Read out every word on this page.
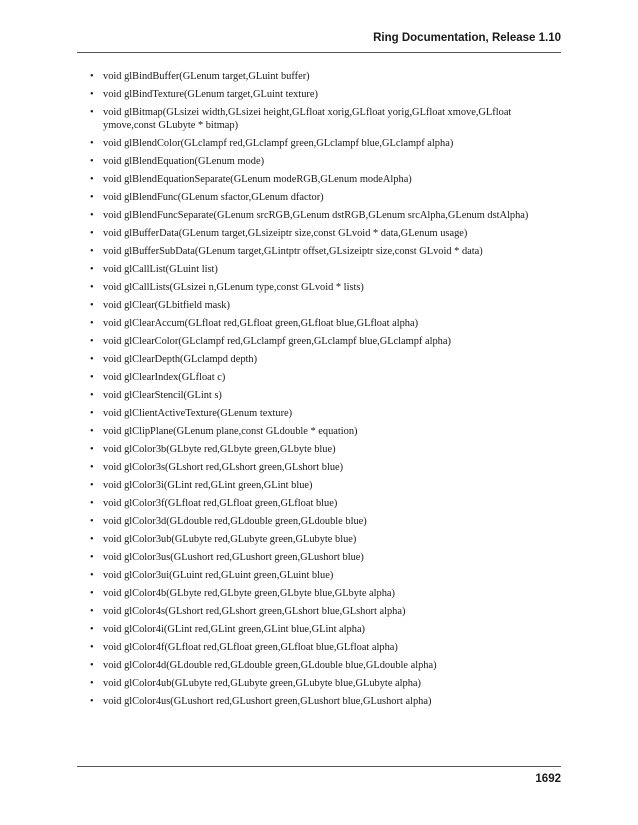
Ring Documentation, Release 1.10
• void glBindBuffer(GLenum target,GLuint buffer)
• void glBindTexture(GLenum target,GLuint texture)
• void glBitmap(GLsizei width,GLsizei height,GLfloat xorig,GLfloat yorig,GLfloat xmove,GLfloat ymove,const GLubyte * bitmap)
• void glBlendColor(GLclampf red,GLclampf green,GLclampf blue,GLclampf alpha)
• void glBlendEquation(GLenum mode)
• void glBlendEquationSeparate(GLenum modeRGB,GLenum modeAlpha)
• void glBlendFunc(GLenum sfactor,GLenum dfactor)
• void glBlendFuncSeparate(GLenum srcRGB,GLenum dstRGB,GLenum srcAlpha,GLenum dstAlpha)
• void glBufferData(GLenum target,GLsizeiptr size,const GLvoid * data,GLenum usage)
• void glBufferSubData(GLenum target,GLintptr offset,GLsizeiptr size,const GLvoid * data)
• void glCallList(GLuint list)
• void glCallLists(GLsizei n,GLenum type,const GLvoid * lists)
• void glClear(GLbitfield mask)
• void glClearAccum(GLfloat red,GLfloat green,GLfloat blue,GLfloat alpha)
• void glClearColor(GLclampf red,GLclampf green,GLclampf blue,GLclampf alpha)
• void glClearDepth(GLclampd depth)
• void glClearIndex(GLfloat c)
• void glClearStencil(GLint s)
• void glClientActiveTexture(GLenum texture)
• void glClipPlane(GLenum plane,const GLdouble * equation)
• void glColor3b(GLbyte red,GLbyte green,GLbyte blue)
• void glColor3s(GLshort red,GLshort green,GLshort blue)
• void glColor3i(GLint red,GLint green,GLint blue)
• void glColor3f(GLfloat red,GLfloat green,GLfloat blue)
• void glColor3d(GLdouble red,GLdouble green,GLdouble blue)
• void glColor3ub(GLubyte red,GLubyte green,GLubyte blue)
• void glColor3us(GLushort red,GLushort green,GLushort blue)
• void glColor3ui(GLuint red,GLuint green,GLuint blue)
• void glColor4b(GLbyte red,GLbyte green,GLbyte blue,GLbyte alpha)
• void glColor4s(GLshort red,GLshort green,GLshort blue,GLshort alpha)
• void glColor4i(GLint red,GLint green,GLint blue,GLint alpha)
• void glColor4f(GLfloat red,GLfloat green,GLfloat blue,GLfloat alpha)
• void glColor4d(GLdouble red,GLdouble green,GLdouble blue,GLdouble alpha)
• void glColor4ub(GLubyte red,GLubyte green,GLubyte blue,GLubyte alpha)
• void glColor4us(GLushort red,GLushort green,GLushort blue,GLushort alpha)
1692
